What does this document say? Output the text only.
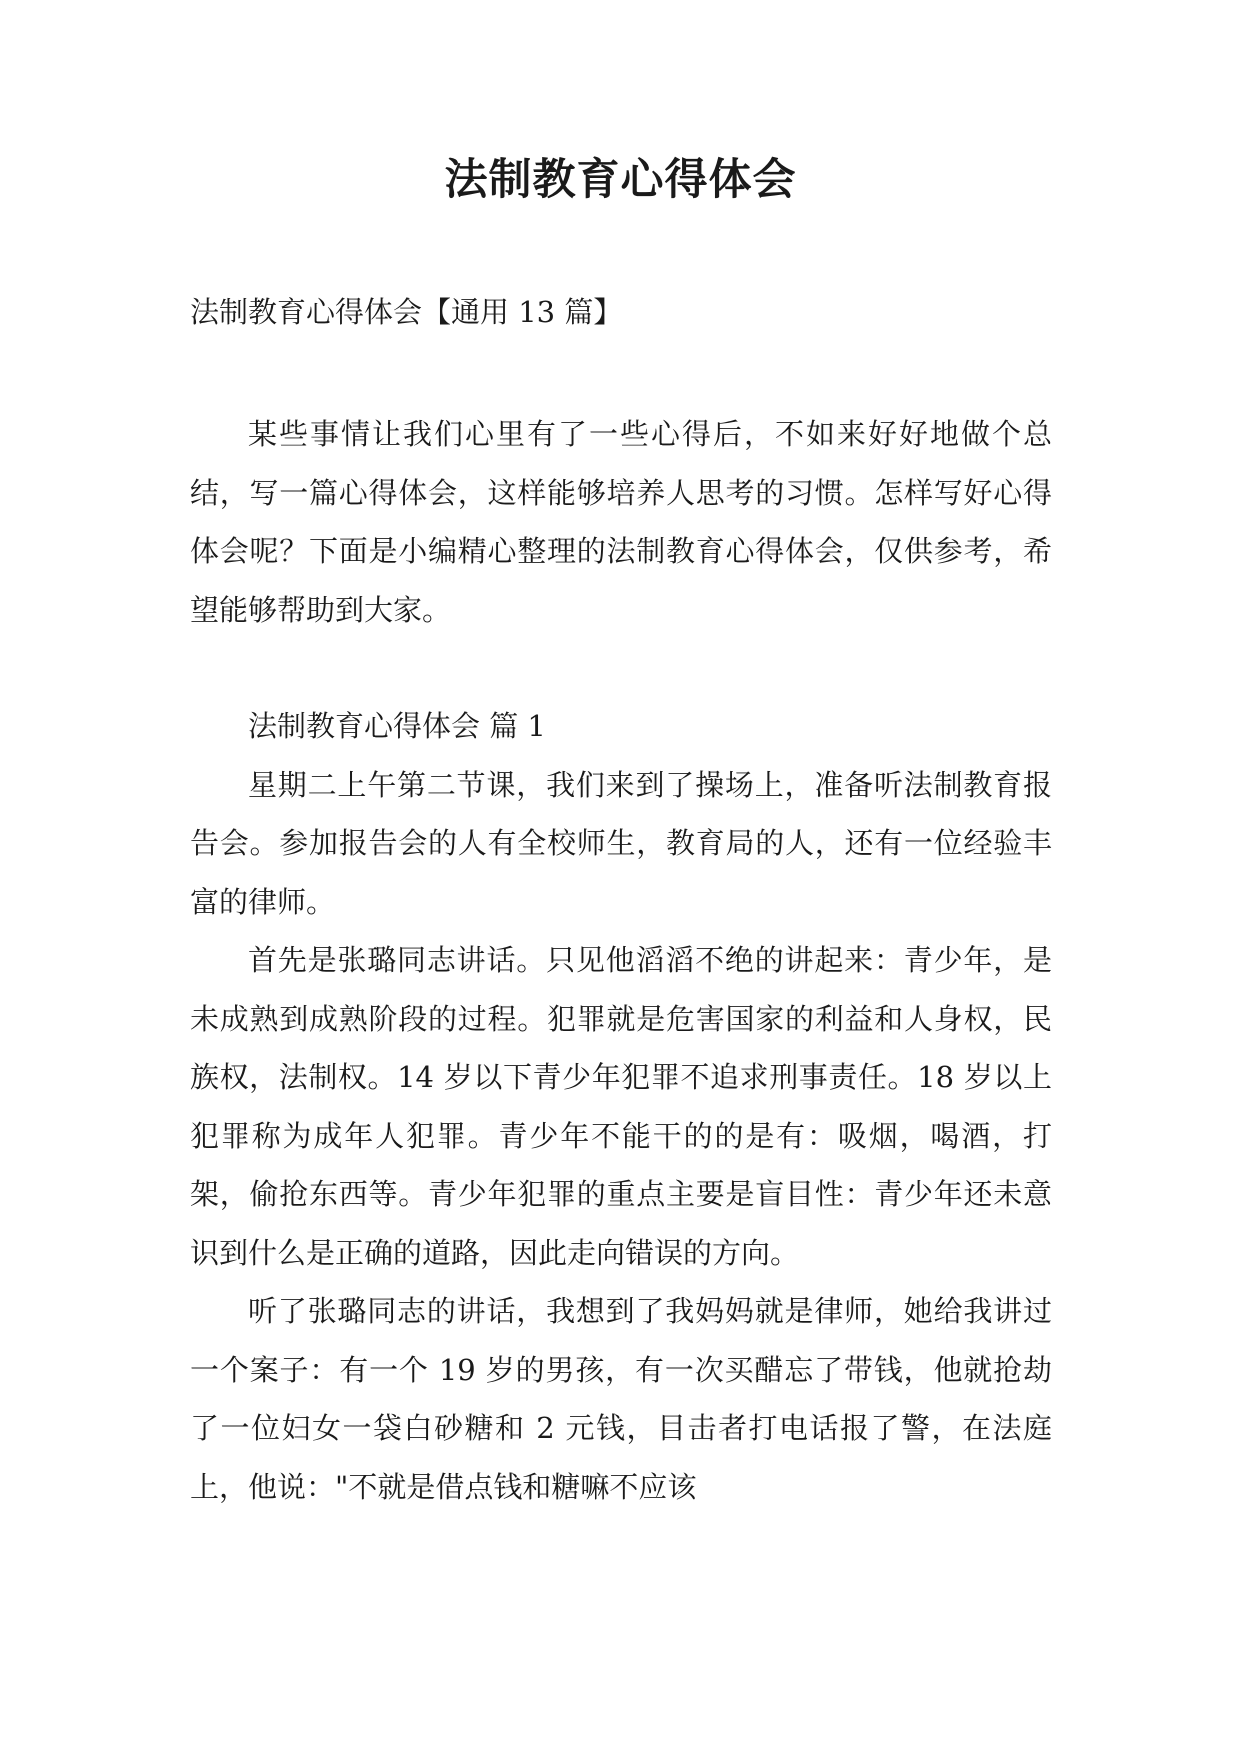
法制教育心得体会
法制教育心得体会【通用 13 篇】

某些事情让我们心里有了一些心得后，不如来好好地做个总结，写一篇心得体会，这样能够培养人思考的习惯。怎样写好心得体会呢？下面是小编精心整理的法制教育心得体会，仅供参考，希望能够帮助到大家。

法制教育心得体会 篇 1

星期二上午第二节课，我们来到了操场上，准备听法制教育报告会。参加报告会的人有全校师生，教育局的人，还有一位经验丰富的律师。

首先是张璐同志讲话。只见他滔滔不绝的讲起来：青少年，是未成熟到成熟阶段的过程。犯罪就是危害国家的利益和人身权，民族权，法制权。14 岁以下青少年犯罪不追求刑事责任。18 岁以上犯罪称为成年人犯罪。青少年不能干的的是有：吸烟，喝酒，打架，偷抢东西等。青少年犯罪的重点主要是盲目性：青少年还未意识到什么是正确的道路，因此走向错误的方向。

听了张璐同志的讲话，我想到了我妈妈就是律师，她给我讲过一个案子：有一个 19 岁的男孩，有一次买醋忘了带钱，他就抢劫了一位妇女一袋白砂糖和 2 元钱，目击者打电话报了警，在法庭上，他说："不就是借点钱和糖嘛不应该
